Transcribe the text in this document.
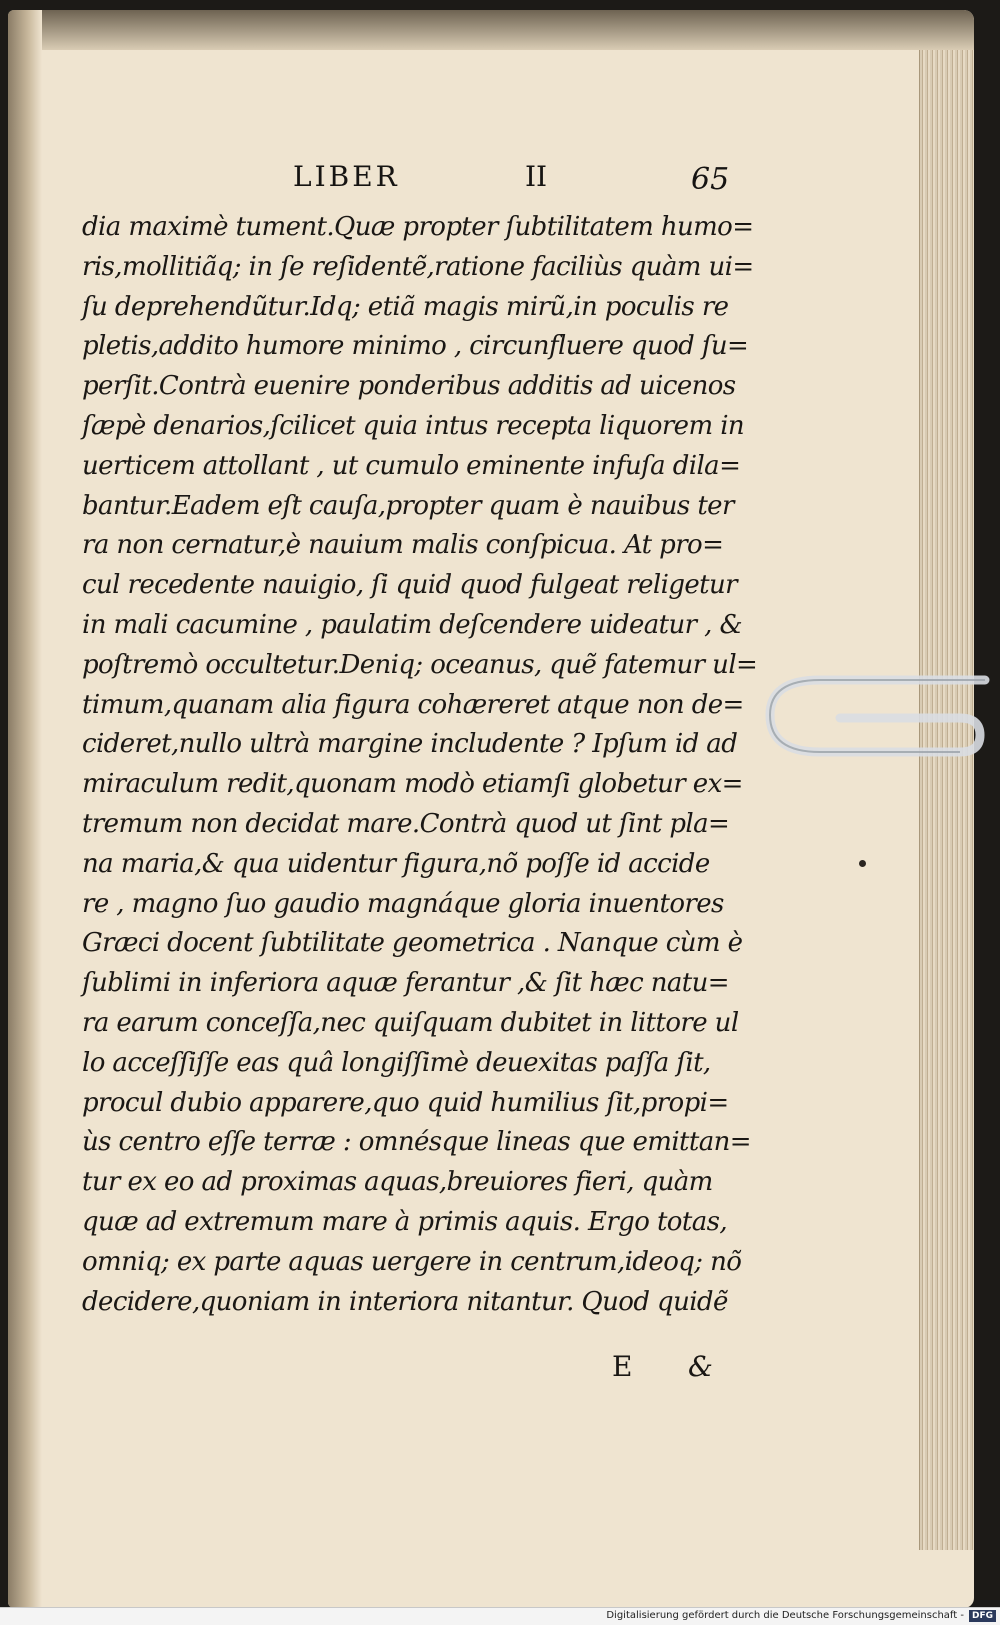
LIBER	II	65
dia maximè tument.Quæ propter ſubtilitatem humo=
ris,mollitiãq; in ſe reſidentẽ,ratione faciliùs quàm ui=
ſu deprehendũtur.Idq; etiã magis mirũ,in poculis re
pletis,addito humore minimo , circunfluere quod ſu=
perſit.Contrà euenire ponderibus additis ad uicenos
ſæpè denarios,ſcilicet quia intus recepta liquorem in
uerticem attollant , ut cumulo eminente infuſa dila=
bantur.Eadem eſt cauſa,propter quam è nauibus ter
ra non cernatur,è nauium malis conſpicua. At pro=
cul recedente nauigio, ſi quid quod fulgeat religetur
in mali cacumine , paulatim deſcendere uideatur , &
poſtremò occultetur.Deniq; oceanus, quẽ fatemur ul=
timum,quanam alia figura cohæreret atque non de=
cideret,nullo ultrà margine includente ? Ipſum id ad
miraculum redit,quonam modò etiamſi globetur ex=
tremum non decidat mare.Contrà quod ut ſint pla=
na maria,& qua uidentur figura,nõ poſſe id accide
re , magno ſuo gaudio magnáque gloria inuentores
Græci docent ſubtilitate geometrica . Nanque cùm è
ſublimi in inferiora aquæ ferantur ,& ſit hæc natu=
ra earum conceſſa,nec quiſquam dubitet in littore ul
lo acceſſiſſe eas quâ longiſſimè deuexitas paſſa ſit,
procul dubio apparere,quo quid humilius ſit,propi=
ùs centro eſſe terræ : omnésque lineas que emittan=
tur ex eo ad proximas aquas,breuiores fieri, quàm
quæ ad extremum mare à primis aquis. Ergo totas,
omniq; ex parte aquas uergere in centrum,ideoq; nõ
decidere,quoniam in interiora nitantur. Quod quidẽ
E &
Digitalisierung gefördert durch die Deutsche Forschungsgemeinschaft - DFG
